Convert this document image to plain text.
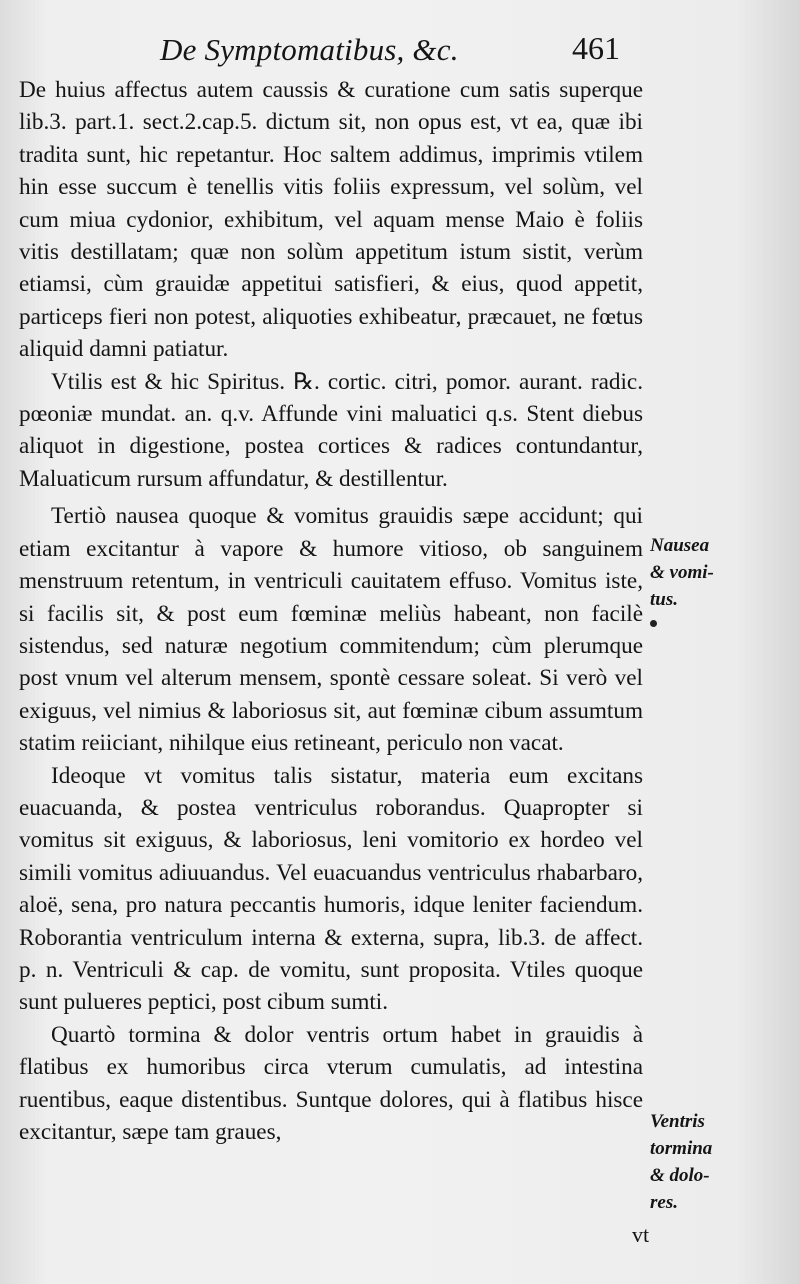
De Symptomatibus, &c.	461

De huius affectus autem caussis & curatione cum satis superque lib.3. part.1. sect.2.cap.5. dictum sit, non opus est, vt ea, quæ ibi tradita sunt, hic repetantur. Hoc saltem addimus, imprimis vtilem hin esse succum è tenellis vitis foliis expressum, vel solùm, vel cum miua cydonior, exhibitum, vel aquam mense Maio è foliis vitis destillatam; quæ non solùm appetitum istum sistit, verùm etiamsi, cùm grauidæ appetitui satisfieri, & eius, quod appetit, particeps fieri non potest, aliquoties exhibeatur, præcauet, ne fœtus aliquid damni patiatur.

Vtilis est & hic Spiritus. ℞. cortic. citri, pomor. aurant. radic. pœoniæ mundat. an. q.v. Affunde vini maluatici q.s. Stent diebus aliquot in digestione, postea cortices & radices contundantur, Maluaticum rursum affundatur, & destillentur.

Tertiò nausea quoque & vomitus grauidis sæpe accidunt; qui etiam excitantur à vapore & humore vitioso, ob sanguinem menstruum retentum, in ventriculi cauitatem effuso. Vomitus iste, si facilis sit, & post eum fœminæ meliùs habeant, non facilè sistendus, sed naturæ negotium commitendum; cùm plerumque post vnum vel alterum mensem, spontè cessare soleat. Si verò vel exiguus, vel nimius & laboriosus sit, aut fœminæ cibum assumtum statim reiiciant, nihilque eius retineant, periculo non vacat.

Ideoque vt vomitus talis sistatur, materia eum excitans euacuanda, & postea ventriculus roborandus. Quapropter si vomitus sit exiguus, & laboriosus, leni vomitorio ex hordeo vel simili vomitus adiuuandus. Vel euacuandus ventriculus rhabarbaro, aloë, sena, pro natura peccantis humoris, idque leniter faciendum. Roborantia ventriculum interna & externa, supra, lib.3. de affect. p. n. Ventriculi & cap. de vomitu, sunt proposita. Vtiles quoque sunt pulueres peptici, post cibum sumti.

Quartò tormina & dolor ventris ortum habet in grauidis à flatibus ex humoribus circa vterum cumulatis, ad intestina ruentibus, eaque distentibus. Suntque dolores, qui à flatibus hisce excitantur, sæpe tam graues,

Nausea
& vomi-
tus.
Ventris
tormina
& dolo-
res.
vt
